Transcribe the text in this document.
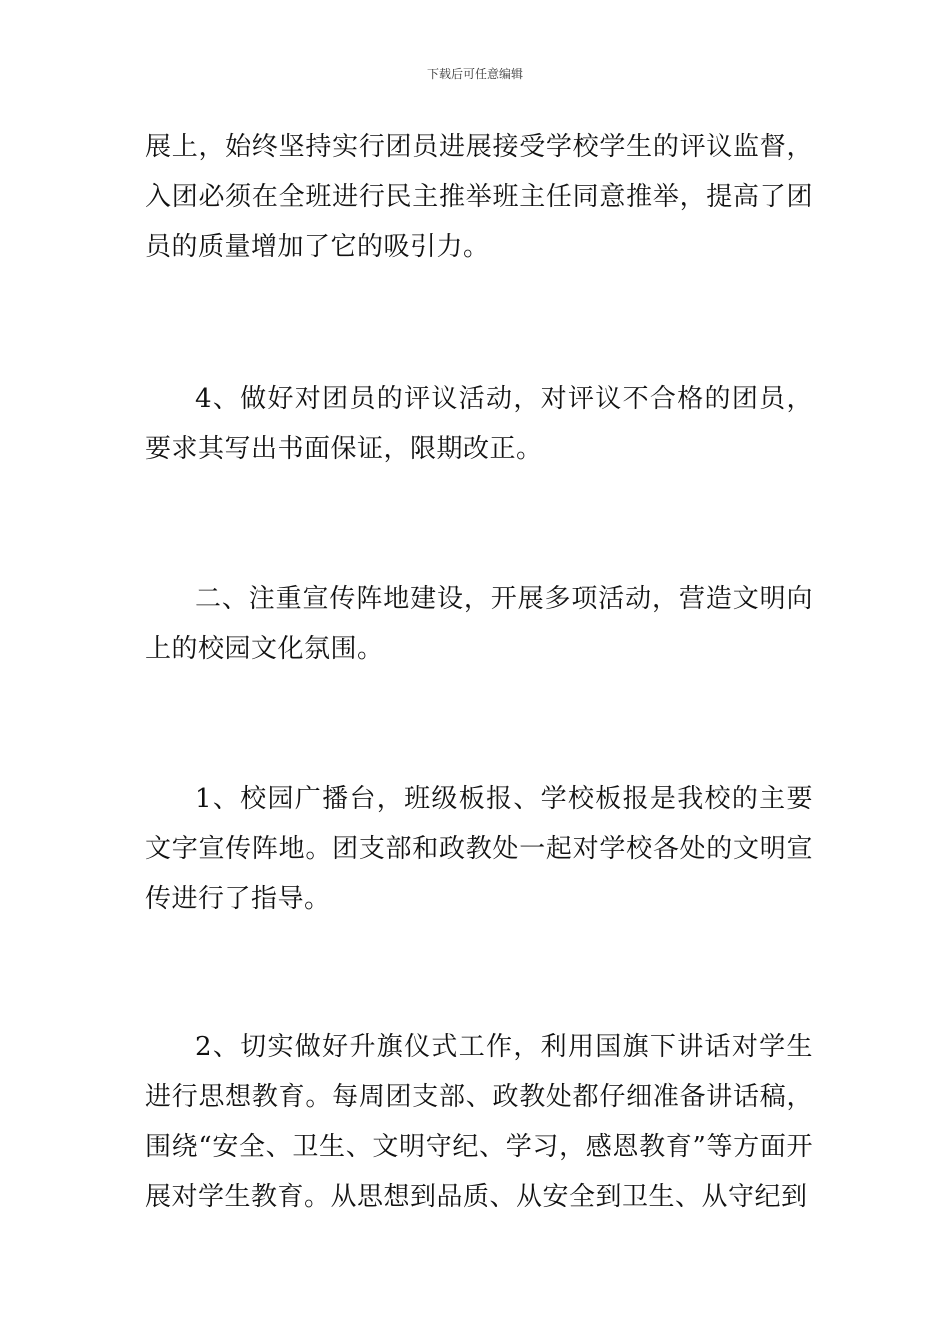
下载后可任意编辑

展上，始终坚持实行团员进展接受学校学生的评议监督，入团必须在全班进行民主推举班主任同意推举，提高了团员的质量增加了它的吸引力。

4、做好对团员的评议活动，对评议不合格的团员，要求其写出书面保证，限期改正。

二、注重宣传阵地建设，开展多项活动，营造文明向上的校园文化氛围。

1、校园广播台，班级板报、学校板报是我校的主要文字宣传阵地。团支部和政教处一起对学校各处的文明宣传进行了指导。

2、切实做好升旗仪式工作，利用国旗下讲话对学生进行思想教育。每周团支部、政教处都仔细准备讲话稿，围绕“安全、卫生、文明守纪、学习，感恩教育”等方面开展对学生教育。从思想到品质、从安全到卫生、从守纪到
